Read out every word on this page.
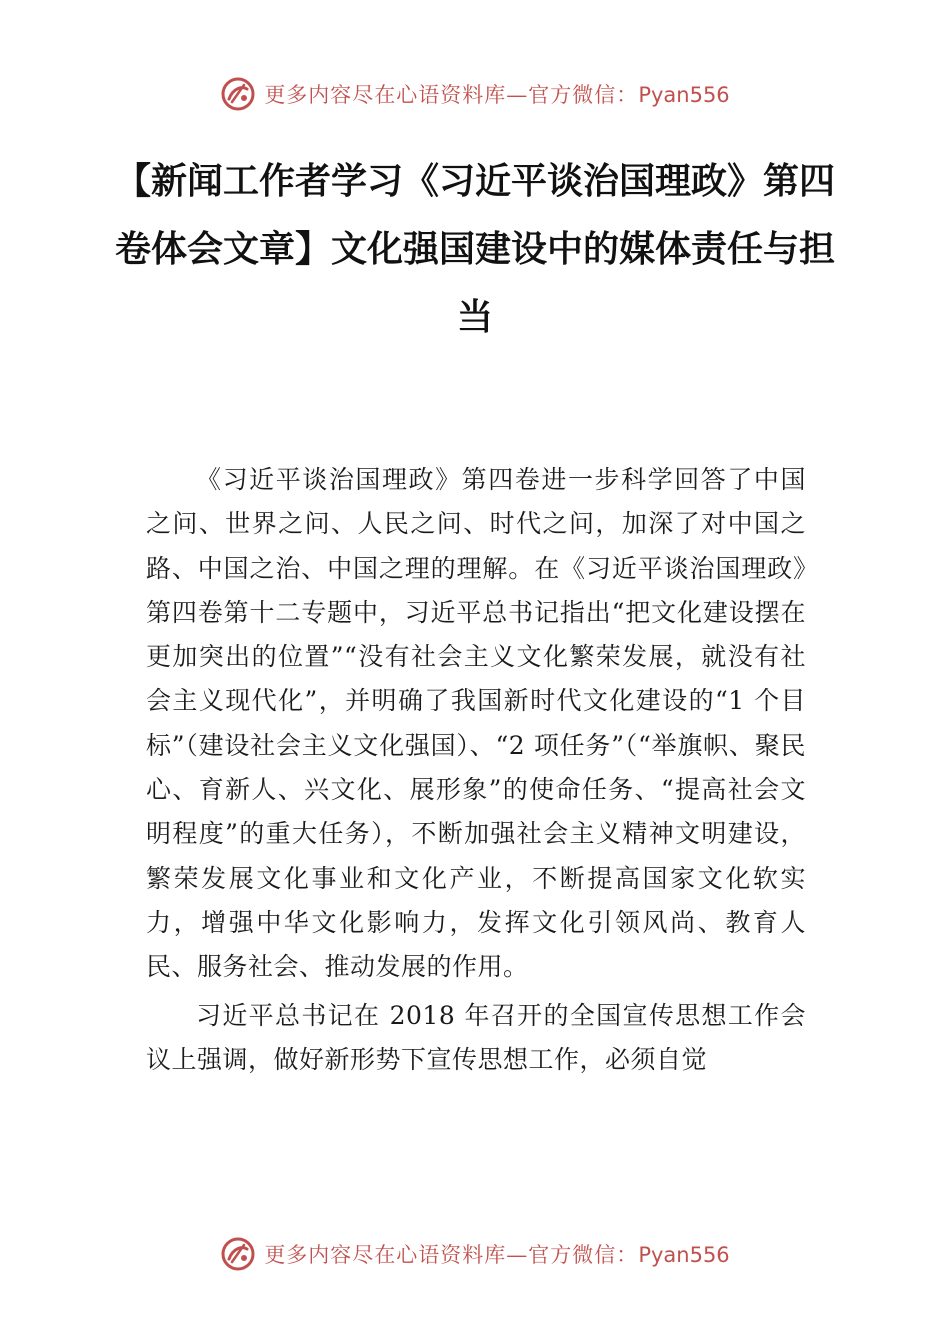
更多内容尽在心语资料库—官方微信：Pyan556
【新闻工作者学习《习近平谈治国理政》第四卷体会文章】文化强国建设中的媒体责任与担当

《习近平谈治国理政》第四卷进一步科学回答了中国之问、世界之问、人民之问、时代之问，加深了对中国之路、中国之治、中国之理的理解。在《习近平谈治国理政》第四卷第十二专题中，习近平总书记指出“把文化建设摆在更加突出的位置”“没有社会主义文化繁荣发展，就没有社会主义现代化”，并明确了我国新时代文化建设的“1 个目标”（建设社会主义文化强国）、“2 项任务”（“举旗帜、聚民心、育新人、兴文化、展形象”的使命任务、“提高社会文明程度”的重大任务），不断加强社会主义精神文明建设，繁荣发展文化事业和文化产业，不断提高国家文化软实力，增强中华文化影响力，发挥文化引领风尚、教育人民、服务社会、推动发展的作用。

习近平总书记在 2018 年召开的全国宣传思想工作会议上强调，做好新形势下宣传思想工作，必须自觉

更多内容尽在心语资料库—官方微信：Pyan556
